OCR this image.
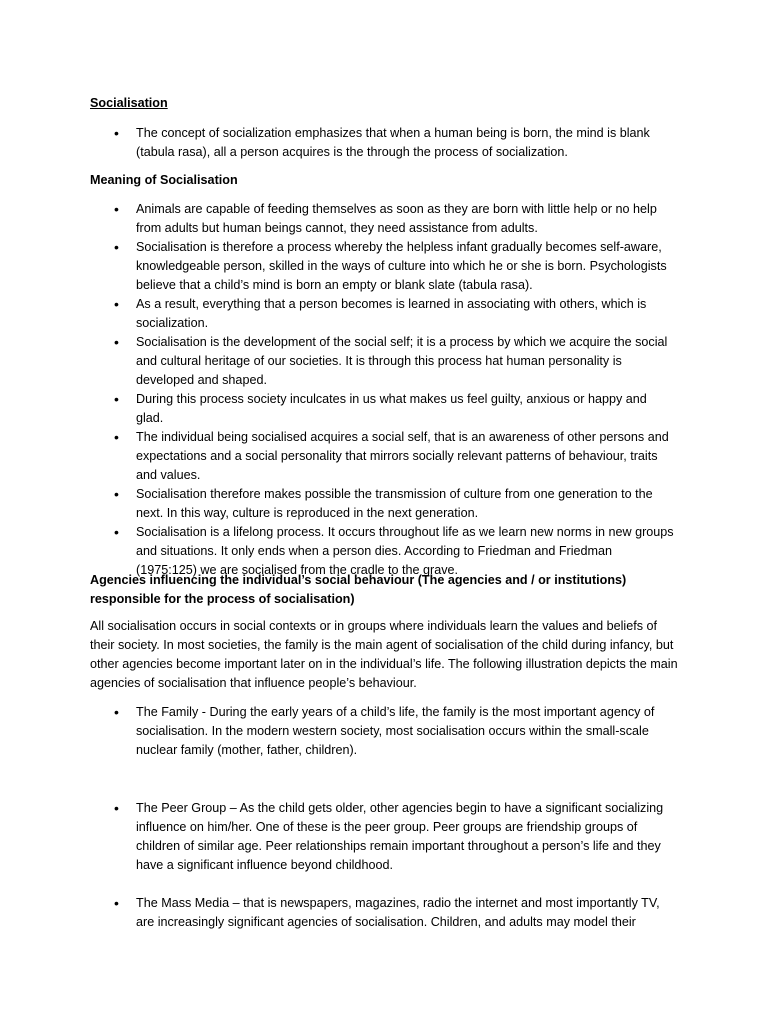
Socialisation
• The concept of socialization emphasizes that when a human being is born, the mind is blank (tabula rasa), all a person acquires is the through the process of socialization.
Meaning of Socialisation
• Animals are capable of feeding themselves as soon as they are born with little help or no help from adults but human beings cannot, they need assistance from adults.
• Socialisation is therefore a process whereby the helpless infant gradually becomes self-aware, knowledgeable person, skilled in the ways of culture into which he or she is born. Psychologists believe that a child’s mind is born an empty or blank slate (tabula rasa).
• As a result, everything that a person becomes is learned in associating with others, which is socialization.
• Socialisation is the development of the social self; it is a process by which we acquire the social and cultural heritage of our societies. It is through this process hat human personality is developed and shaped.
• During this process society inculcates in us what makes us feel guilty, anxious or happy and glad.
• The individual being socialised acquires a social self, that is an awareness of other persons and expectations and a social personality that mirrors socially relevant patterns of behaviour, traits and values.
• Socialisation therefore makes possible the transmission of culture from one generation to the next. In this way, culture is reproduced in the next generation.
• Socialisation is a lifelong process. It occurs throughout life as we learn new norms in new groups and situations. It only ends when a person dies. According to Friedman and Friedman (1975:125) we are socialised from the cradle to the grave.
Agencies influencing the individual’s social behaviour (The agencies and / or institutions) responsible for the process of socialisation)
All socialisation occurs in social contexts or in groups where individuals learn the values and beliefs of their society. In most societies, the family is the main agent of socialisation of the child during infancy, but other agencies become important later on in the individual’s life. The following illustration depicts the main agencies of socialisation that influence people’s behaviour.
• The Family - During the early years of a child’s life, the family is the most important agency of socialisation. In the modern western society, most socialisation occurs within the small-scale nuclear family (mother, father, children).
• The Peer Group – As the child gets older, other agencies begin to have a significant socializing influence on him/her. One of these is the peer group. Peer groups are friendship groups of children of similar age. Peer relationships remain important throughout a person’s life and they have a significant influence beyond childhood.
• The Mass Media – that is newspapers, magazines, radio the internet and most importantly TV, are increasingly significant agencies of socialisation. Children, and adults may model their
